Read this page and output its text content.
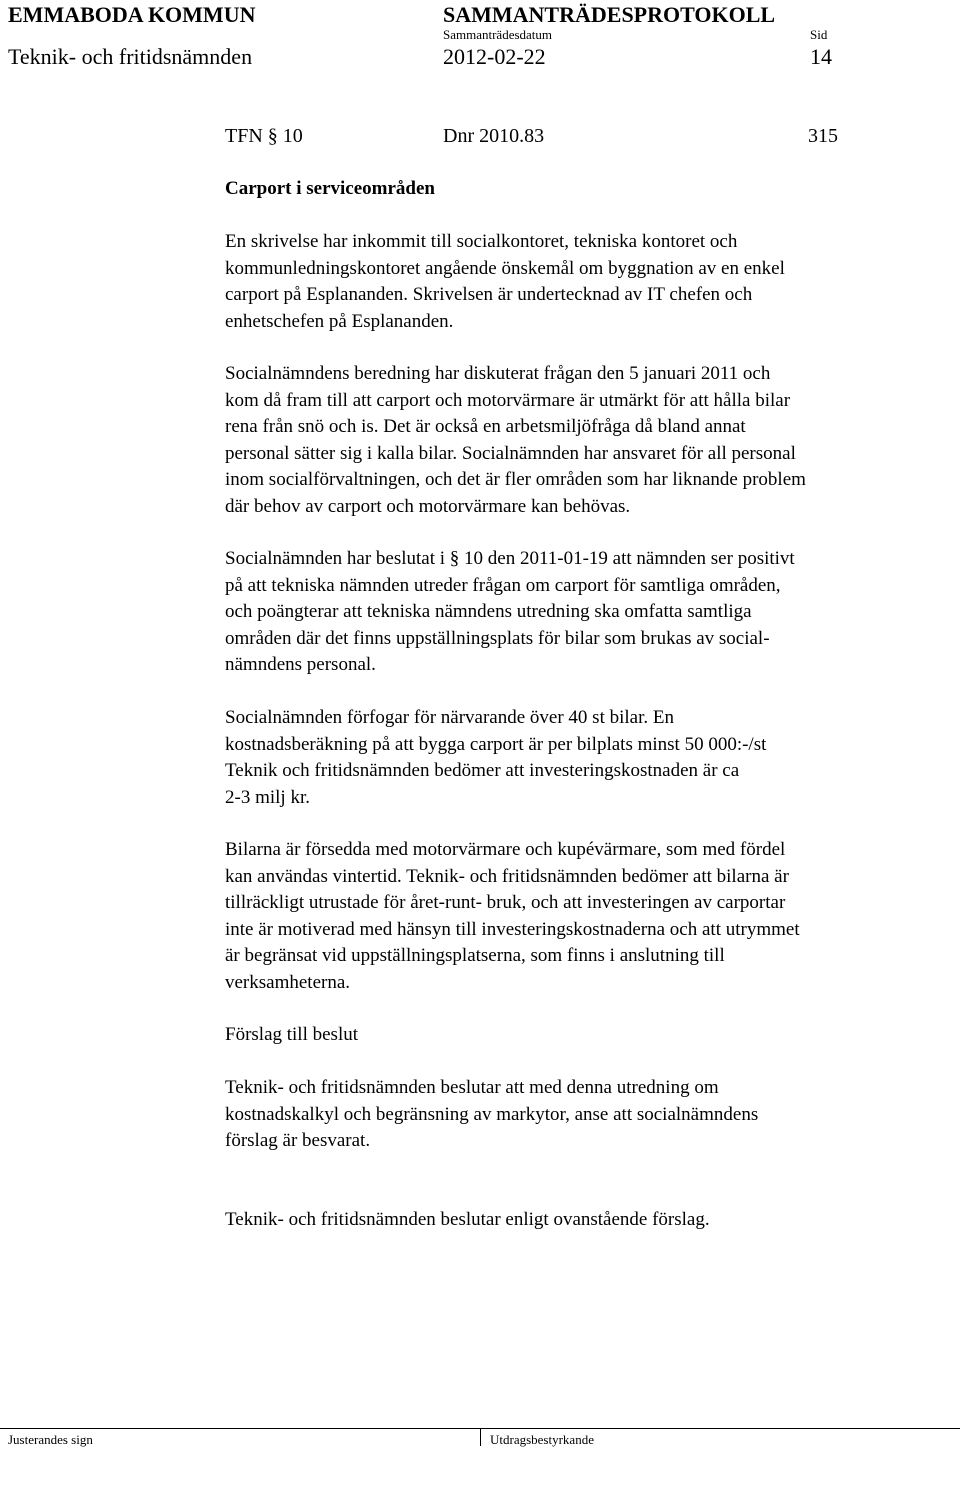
EMMABODA KOMMUN	SAMMANTRÄDESPROTOKOLL
Sammanträdesdatum	Sid
Teknik- och fritidsnämnden	2012-02-22	14
TFN § 10	Dnr 2010.83	315
Carport i serviceområden
En skrivelse har inkommit till socialkontoret, tekniska kontoret och
kommunledningskontoret angående önskemål om byggnation av en enkel
carport på Esplananden. Skrivelsen är undertecknad av IT chefen och
enhetschefen på Esplananden.
Socialnämndens beredning har diskuterat frågan den 5 januari 2011 och
kom då fram till att carport och motorvärmare är utmärkt för att hålla bilar
rena från snö och is. Det är också en arbetsmiljöfråga då bland annat
personal sätter sig i kalla bilar. Socialnämnden har ansvaret för all personal
inom socialförvaltningen, och det är fler områden som har liknande problem
där behov av carport och motorvärmare kan behövas.
Socialnämnden har beslutat i § 10 den 2011-01-19 att nämnden ser positivt
på att tekniska nämnden utreder frågan om carport för samtliga områden,
och poängterar att tekniska nämndens utredning ska omfatta samtliga
områden där det finns uppställningsplats för bilar som brukas av social-
nämndens personal.
Socialnämnden förfogar för närvarande över 40 st bilar. En
kostnadsberäkning på att bygga carport är per bilplats minst 50 000:-/st
Teknik och fritidsnämnden bedömer att investeringskostnaden är ca
2-3 milj kr.
Bilarna är försedda med motorvärmare och kupévärmare, som med fördel
kan användas vintertid. Teknik- och fritidsnämnden bedömer att bilarna är
tillräckligt utrustade för året-runt- bruk, och att investeringen av carportar
inte är motiverad med hänsyn till investeringskostnaderna och att utrymmet
är begränsat vid uppställningsplatserna, som finns i anslutning till
verksamheterna.
Förslag till beslut
Teknik- och fritidsnämnden beslutar att med denna utredning om
kostnadskalkyl och begränsning av markytor, anse att socialnämndens
förslag är besvarat.
Teknik- och fritidsnämnden beslutar enligt ovanstående förslag.
Justerandes sign	Utdragsbestyrkande
